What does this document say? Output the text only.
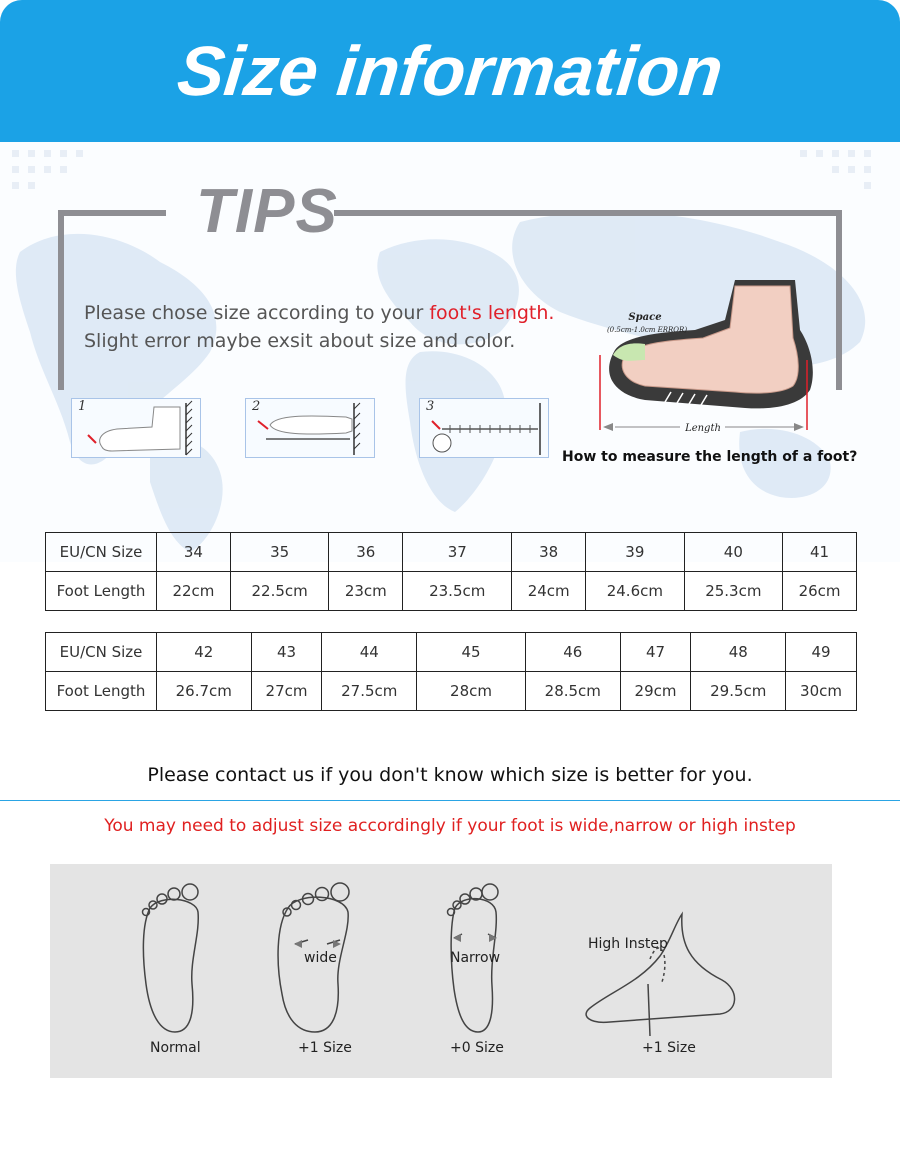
Size information
TIPS
Please chose size according to your foot's length.
Slight error maybe exsit about size and color.
1	2	3
Length
Space
(0.5cm-1.0cm ERROR)
How to measure the length of a foot?
EU/CN Size	34	35	36	37	38	39	40	41
Foot Length	22cm	22.5cm	23cm	23.5cm	24cm	24.6cm	25.3cm	26cm
EU/CN Size	42	43	44	45	46	47	48	49
Foot Length	26.7cm	27cm	27.5cm	28cm	28.5cm	29cm	29.5cm	30cm
Please contact us if you don't know which size is better for you.
You may need to adjust size accordingly if your foot is wide,narrow or high instep
Normal
wide
+1 Size
Narrow
+0 Size
High Instep
+1 Size
